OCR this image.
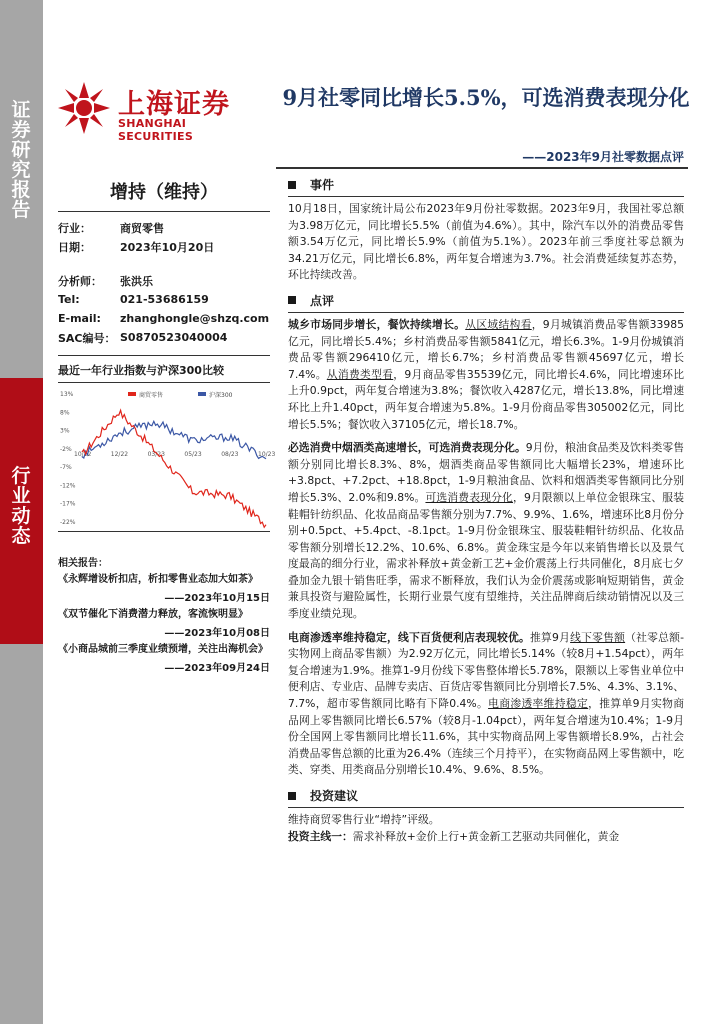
证券研究报告
行业动态
上海证券
SHANGHAI SECURITIES
9月社零同比增长5.5%，可选消费表现分化
——2023年9月社零数据点评
增持（维持）
行业：	商贸零售
日期：	2023年10月20日
分析师：	张洪乐
Tel:	021-53686159
E-mail:	zhanghongle@shzq.com
SAC编号： S0870523040004
最近一年行业指数与沪深300比较
13%
8%
3%
-2%
-7%
-12%
-17%
-22%
10/22	12/22	03/23	05/23	08/23	10/23
商贸零售	沪深300
相关报告：
《永辉增设析扣店，析扣零售业态加大如茶》
——2023年10月15日
《双节催化下消费潜力释放，客流恢明显》
——2023年10月08日
《小商品城前三季度业绩预增，关注出海机会》
——2023年09月24日
事件

10月18日，国家统计局公布2023年9月份社零数据。2023年9月，我国社零总额为3.98万亿元，同比增长5.5%（前值为4.6%）。其中，除汽车以外的消费品零售额3.54万亿元，同比增长5.9%（前值为5.1%）。2023年前三季度社零总额为34.21万亿元，同比增长6.8%，两年复合增速为3.7%。社会消费延续复苏态势，环比持续改善。

点评

城乡市场同步增长，餐饮持续增长。从区域结构看，9月城镇消费品零售额33985亿元，同比增长5.4%；乡村消费品零售额5841亿元，增长6.3%。1-9月份城镇消费品零售额296410亿元，增长6.7%；乡村消费品零售额45697亿元，增长7.4%。从消费类型看，9月商品零售35539亿元，同比增长4.6%，同比增速环比上升0.9pct，两年复合增速为3.8%；餐饮收入4287亿元，增长13.8%，同比增速环比上升1.40pct，两年复合增速为5.8%。1-9月份商品零售305002亿元，同比增长5.5%；餐饮收入37105亿元，增长18.7%。

必选消费中烟酒类高速增长，可选消费表现分化。9月份，粮油食品类及饮料类零售额分别同比增长8.3%、8%，烟酒类商品零售额同比大幅增长23%，增速环比+3.8pct、+7.2pct、+18.8pct，1-9月粮油食品、饮料和烟酒类零售额同比分别增长5.3%、2.0%和9.8%。可选消费表现分化，9月限额以上单位金银珠宝、服装鞋帽针纺织品、化妆品商品零售额分别为7.7%、9.9%、1.6%，增速环比8月份分别+0.5pct、+5.4pct、-8.1pct。1-9月份金银珠宝、服装鞋帽针纺织品、化妆品零售额分别增长12.2%、10.6%、6.8%。黄金珠宝是今年以来销售增长以及景气度最高的细分行业，需求补释放+黄金新工艺+金价震荡上行共同催化，8月底七夕叠加金九银十销售旺季，需求不断释放，我们认为金价震荡或影响短期销售，黄金兼具投资与避险属性，长期行业景气度有望维持，关注品牌商后续动销情况以及三季度业绩兑现。

电商渗透率维持稳定，线下百货便利店表现较优。推算9月线下零售额（社零总额-实物网上商品零售额）为2.92万亿元，同比增长5.14%（较8月+1.54pct），两年复合增速为1.9%。推算1-9月份线下零售整体增长5.78%，限额以上零售业单位中便利店、专业店、品牌专卖店、百货店零售额同比分别增长7.5%、4.3%、3.1%、7.7%，超市零售额同比略有下降0.4%。电商渗透率维持稳定，推算单9月实物商品网上零售额同比增长6.57%（较8月-1.04pct），两年复合增速为10.4%；1-9月份全国网上零售额同比增长11.6%，其中实物商品网上零售额增长8.9%，占社会消费品零售总额的比重为26.4%（连续三个月持平），在实物商品网上零售额中，吃类、穿类、用类商品分别增长10.4%、9.6%、8.5%。

投资建议

维持商贸零售行业“增持”评级。

投资主线一：需求补释放+金价上行+黄金新工艺驱动共同催化，黄金
